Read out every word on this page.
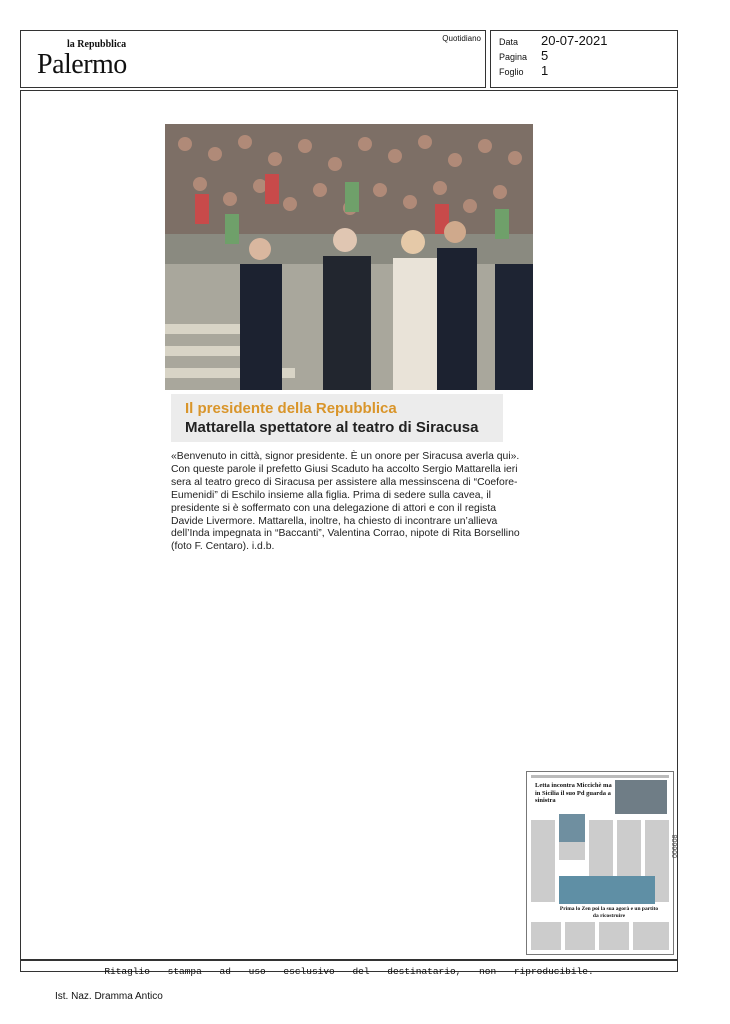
la Repubblica
Palermo
Quotidiano Data 20-07-2021
Pagina 5
Foglio 1
Il presidente della Repubblica
Mattarella spettatore al teatro di Siracusa

«Benvenuto in città, signor presidente. È un onore per Siracusa averla qui». Con queste parole il prefetto Giusi Scaduto ha accolto Sergio Mattarella ieri sera al teatro greco di Siracusa per assistere alla messinscena di “Coefore-Eumenidi” di Eschilo insieme alla figlia. Prima di sedere sulla cavea, il presidente si è soffermato con una delegazione di attori e con il regista Davide Livermore. Mattarella, inoltre, ha chiesto di incontrare un’allieva dell’Inda impegnata in “Baccanti”, Valentina Corrao, nipote di Rita Borsellino (foto F. Centaro). i.d.b.

Letta incontra Miccichè ma in Sicilia il suo Pd guarda a sinistra
Prima lo Zen poi la sua agorà e un partito da ricostruire
006608
Ritaglio stampa ad uso esclusivo del destinatario, non riproducibile.
Ist. Naz. Dramma Antico
